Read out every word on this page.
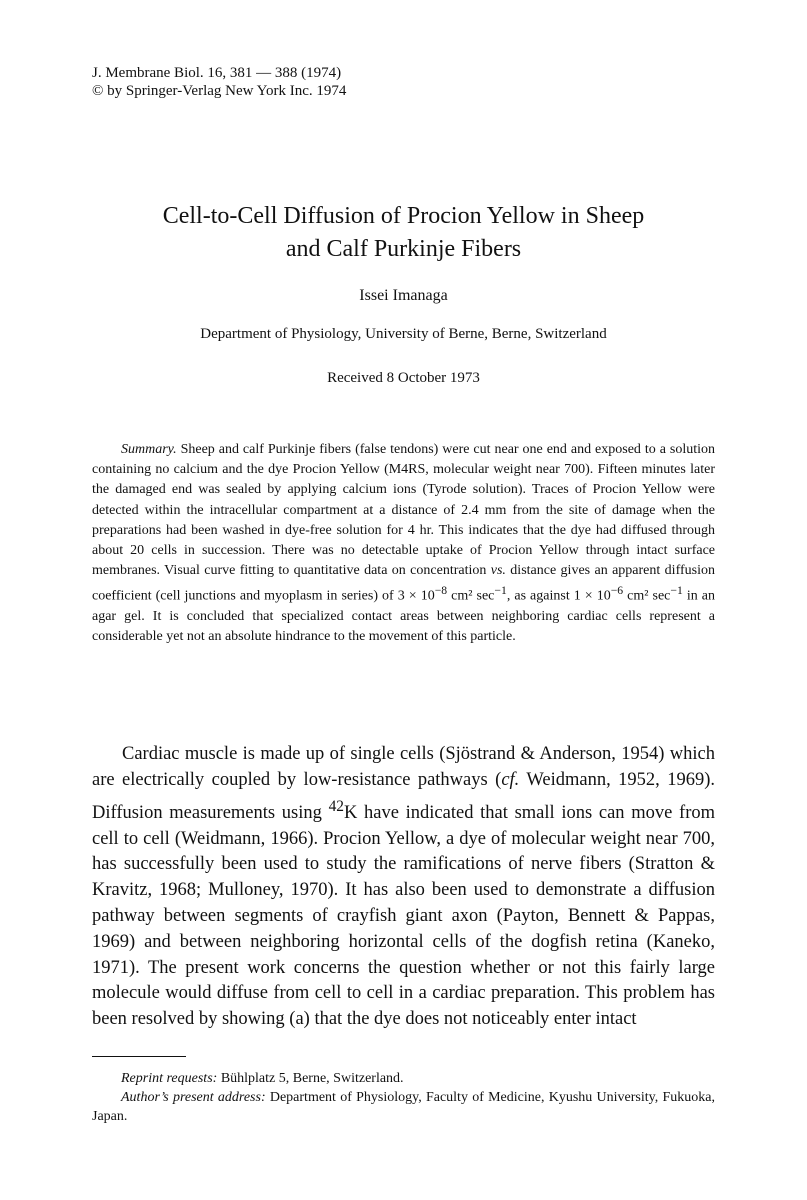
J. Membrane Biol. 16, 381 — 388 (1974)
© by Springer-Verlag New York Inc. 1974
Cell-to-Cell Diffusion of Procion Yellow in Sheep
and Calf Purkinje Fibers
Issei Imanaga
Department of Physiology, University of Berne, Berne, Switzerland
Received 8 October 1973

Summary. Sheep and calf Purkinje fibers (false tendons) were cut near one end and exposed to a solution containing no calcium and the dye Procion Yellow (M4RS, molecular weight near 700). Fifteen minutes later the damaged end was sealed by applying calcium ions (Tyrode solution). Traces of Procion Yellow were detected within the intracellular compartment at a distance of 2.4 mm from the site of damage when the preparations had been washed in dye-free solution for 4 hr. This indicates that the dye had diffused through about 20 cells in succession. There was no detectable uptake of Procion Yellow through intact surface membranes. Visual curve fitting to quantitative data on concentration vs. distance gives an apparent diffusion coefficient (cell junctions and myoplasm in series) of $3 \times 10^{-8}$ cm² $\sec^{-1}$, as against $1 \times 10^{-6}$ cm² $\sec^{-1}$ in an agar gel. It is concluded that specialized contact areas between neighboring cardiac cells represent a considerable yet not an absolute hindrance to the movement of this particle.

Cardiac muscle is made up of single cells (Sjöstrand & Anderson, 1954) which are electrically coupled by low-resistance pathways (cf. Weidmann, 1952, 1969). Diffusion measurements using $^{42}$K have indicated that small ions can move from cell to cell (Weidmann, 1966). Procion Yellow, a dye of molecular weight near 700, has successfully been used to study the ramifications of nerve fibers (Stratton & Kravitz, 1968; Mulloney, 1970). It has also been used to demonstrate a diffusion pathway between segments of crayfish giant axon (Payton, Bennett & Pappas, 1969) and between neighboring horizontal cells of the dogfish retina (Kaneko, 1971). The present work concerns the question whether or not this fairly large molecule would diffuse from cell to cell in a cardiac preparation. This problem has been resolved by showing (a) that the dye does not noticeably enter intact

Reprint requests: Bühlplatz 5, Berne, Switzerland.

Author’s present address: Department of Physiology, Faculty of Medicine, Kyushu University, Fukuoka, Japan.
